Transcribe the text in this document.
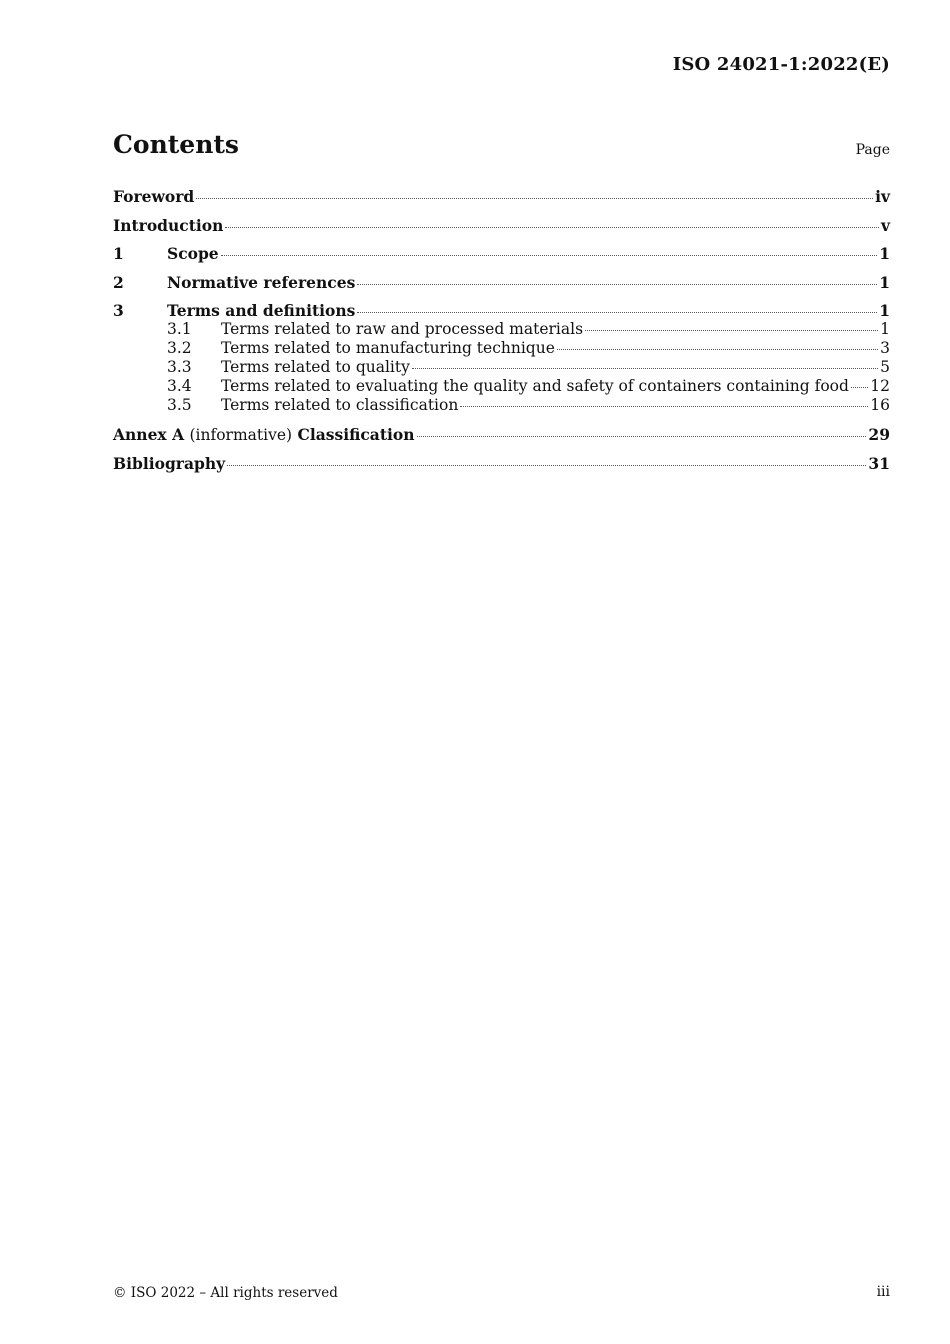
ISO 24021-1:2022(E)
Contents	Page
Foreword	iv
Introduction	v
1	Scope	1
2	Normative references	1
3	Terms and definitions	1
3.1	Terms related to raw and processed materials	1
3.2	Terms related to manufacturing technique	3
3.3	Terms related to quality	5
3.4	Terms related to evaluating the quality and safety of containers containing food 12
3.5	Terms related to classification	16
Annex A (informative) Classification	29
Bibliography	31
© ISO 2022 – All rights reserved	iii
